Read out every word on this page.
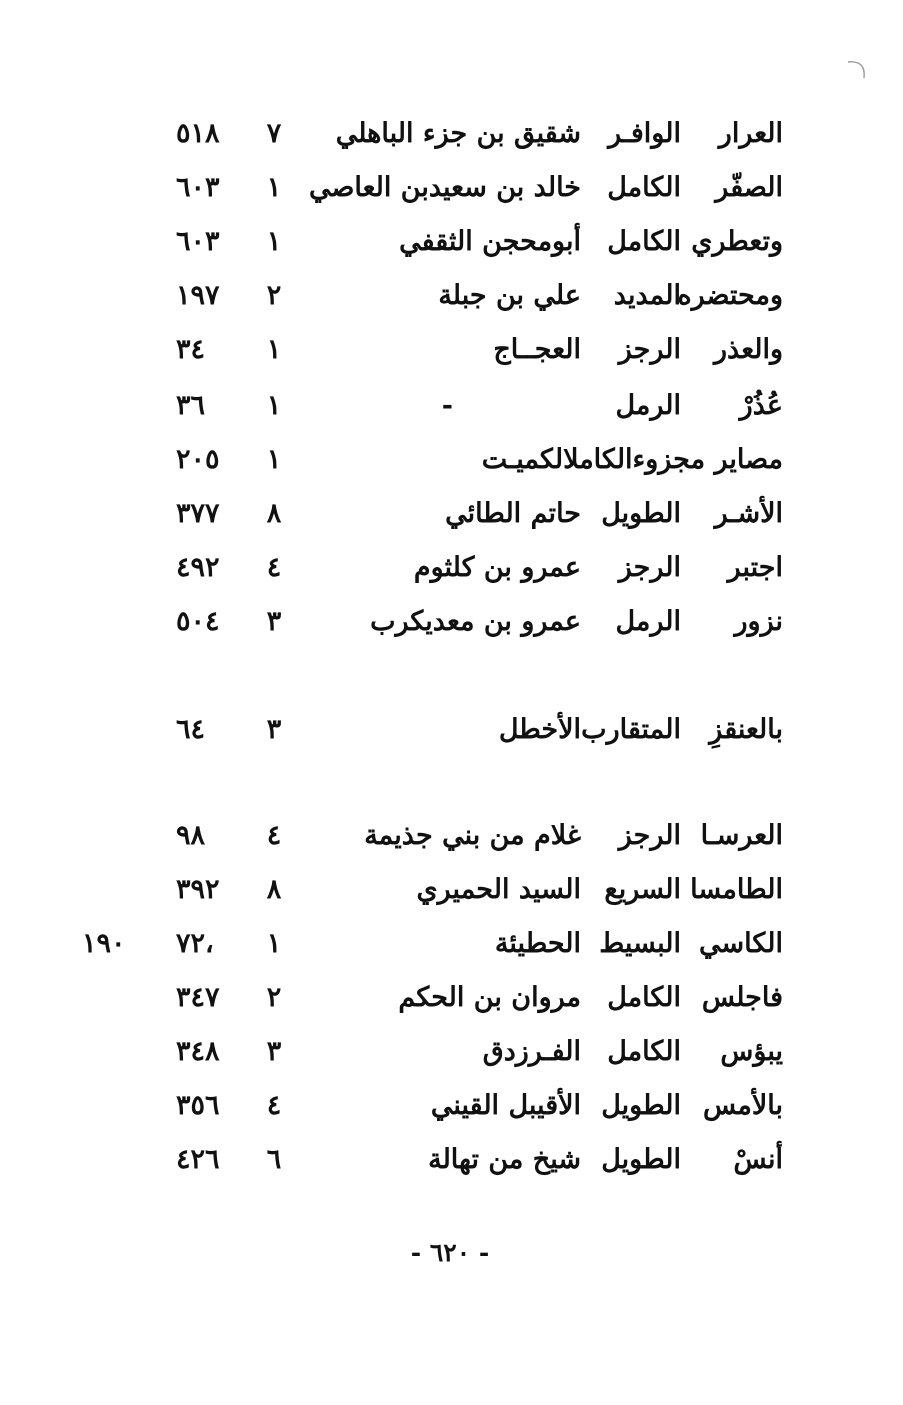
العرار
الوافـر
شقيق بن جزء الباهلي
٧
٥١٨
الصفّر
الكامل
خالد بن سعيدبن العاصي
١
٦٠٣
وتعطري
الكامل
أبومحجن الثقفي
١
٦٠٣
ومحتضره
المديد
علي بن جبلة
٢
١٩٧
والعذر
الرجز
العجــاج
١
٣٤
عُذُرْ
الرمل
-
١
٣٦
مصاير مجزوءالكاملالكميـت
١
٢٠٥
الأشـر
الطويل
حاتم الطائي
٨
٣٧٧
اجتبر
الرجز
عمرو بن كلثوم
٤
٤٩٢
نزور
الرمل
عمرو بن معديكرب
٣
٥٠٤
بالعنقزِ
المتقارب
الأخطل
٣
٦٤
العرسـا
الرجز
غلام من بني جذيمة
٤
٩٨
الطامسا
السريع
السيد الحميري
٨
٣٩٢
الكاسي
البسيط
الحطيئة
١
٧٢،
فاجلس
الكامل
مروان بن الحكم
٢
٣٤٧
يبؤس
الكامل
الفـرزدق
٣
٣٤٨
بالأمس
الطويل
الأقيبل القيني
٤
٣٥٦
أنسْ
الطويل
شيخ من تهالة
٦
٤٢٦
١٩٠
- ٦٢٠ -
